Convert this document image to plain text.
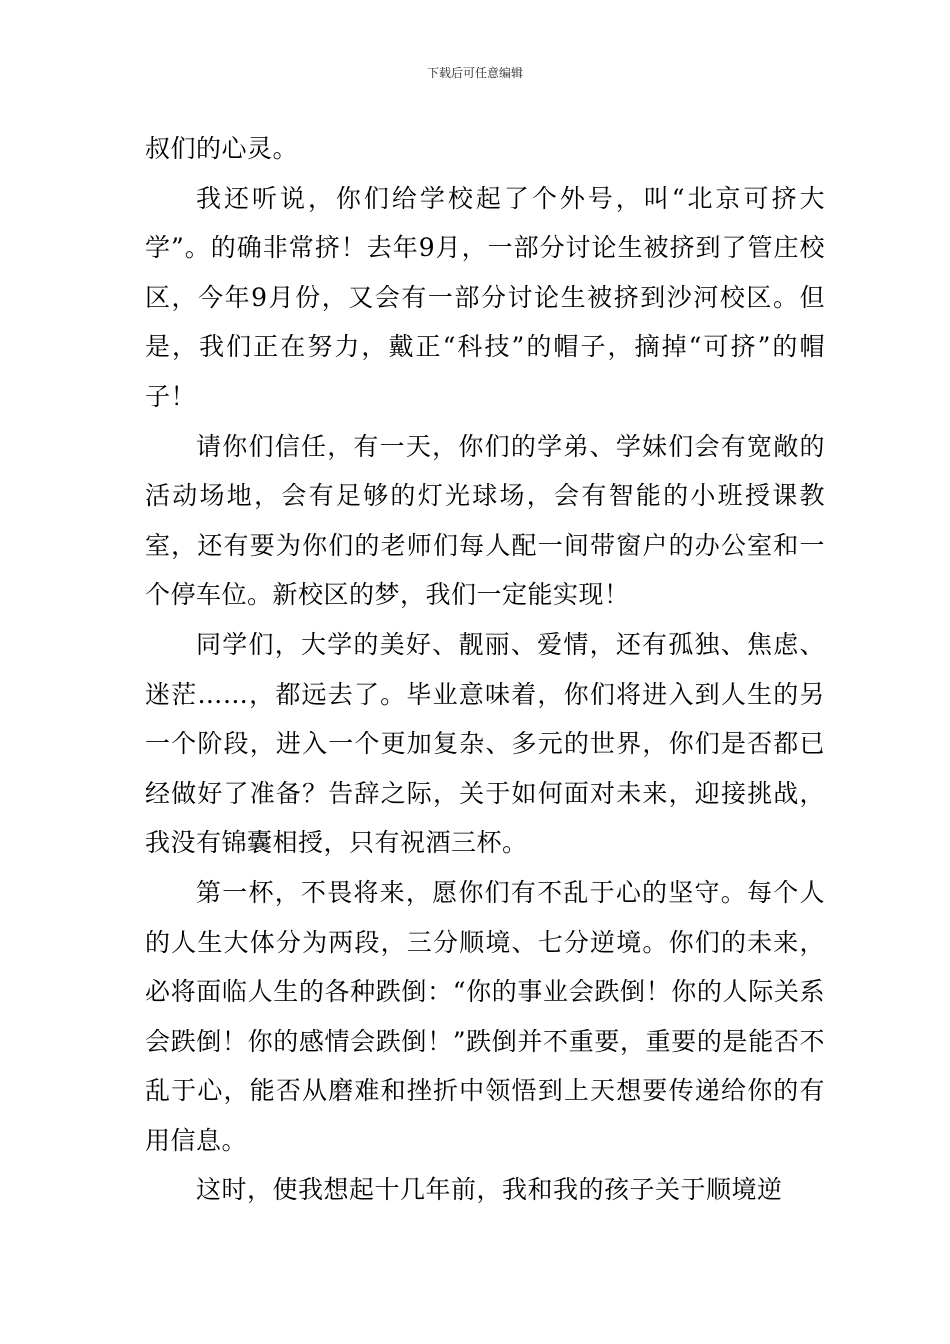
下载后可任意编辑

叔们的心灵。

我还听说，你们给学校起了个外号，叫“北京可挤大学”。的确非常挤！去年9月，一部分讨论生被挤到了管庄校区，今年9月份，又会有一部分讨论生被挤到沙河校区。但是，我们正在努力，戴正“科技”的帽子，摘掉“可挤”的帽子！

请你们信任，有一天，你们的学弟、学妹们会有宽敞的活动场地，会有足够的灯光球场，会有智能的小班授课教室，还有要为你们的老师们每人配一间带窗户的办公室和一个停车位。新校区的梦，我们一定能实现！

同学们，大学的美好、靓丽、爱情，还有孤独、焦虑、迷茫……，都远去了。毕业意味着，你们将进入到人生的另一个阶段，进入一个更加复杂、多元的世界，你们是否都已经做好了准备？告辞之际，关于如何面对未来，迎接挑战，我没有锦囊相授，只有祝酒三杯。

第一杯，不畏将来，愿你们有不乱于心的坚守。每个人的人生大体分为两段，三分顺境、七分逆境。你们的未来，必将面临人生的各种跌倒：“你的事业会跌倒！你的人际关系会跌倒！你的感情会跌倒！”跌倒并不重要，重要的是能否不乱于心，能否从磨难和挫折中领悟到上天想要传递给你的有用信息。

这时，使我想起十几年前，我和我的孩子关于顺境逆
